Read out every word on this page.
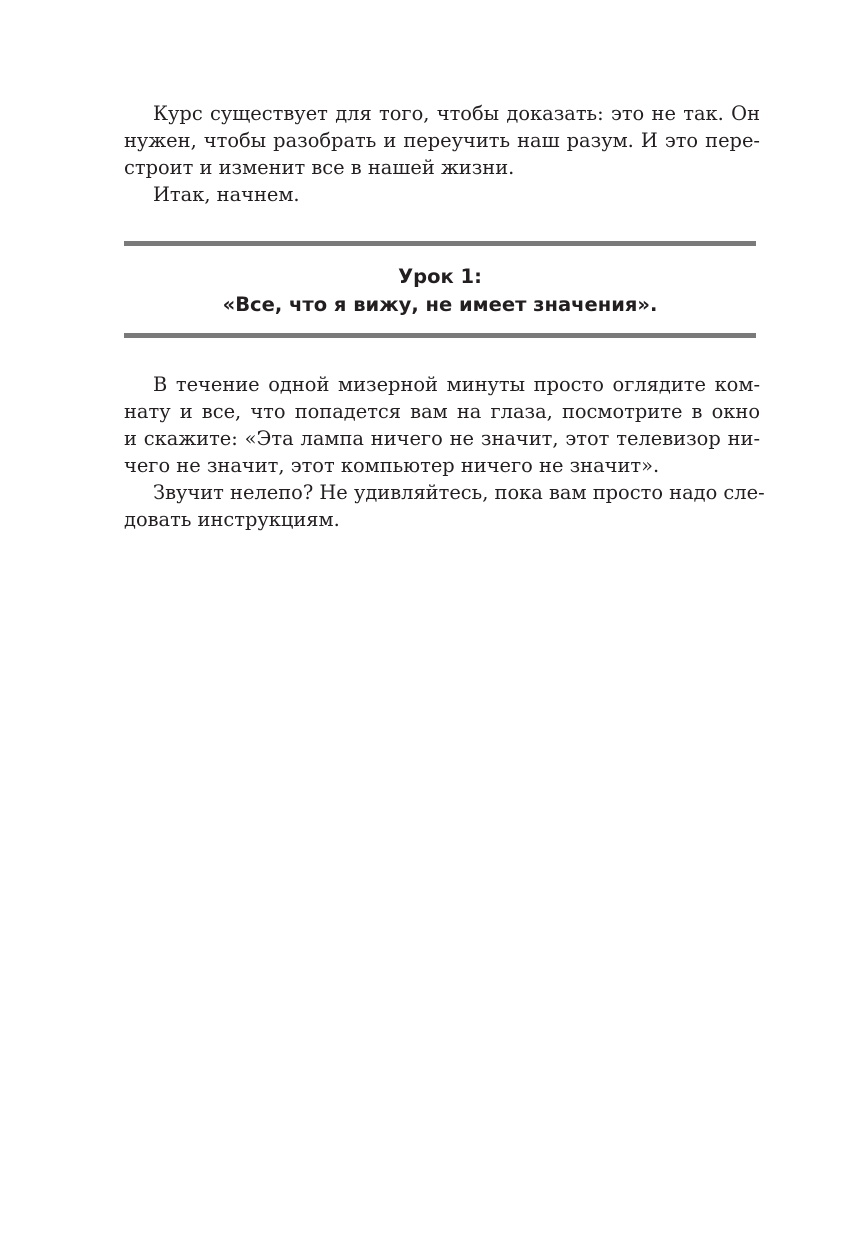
Курс существует для того, чтобы доказать: это не так. Он
нужен, чтобы разобрать и переучить наш разум. И это пере-
строит и изменит все в нашей жизни.
Итак, начнем.
Урок 1:
«Все, что я вижу, не имеет значения».
В течение одной мизерной минуты просто оглядите ком-
нату и все, что попадется вам на глаза, посмотрите в окно
и скажите: «Эта лампа ничего не значит, этот телевизор ни-
чего не значит, этот компьютер ничего не значит».
Звучит нелепо? Не удивляйтесь, пока вам просто надо сле-
довать инструкциям.
